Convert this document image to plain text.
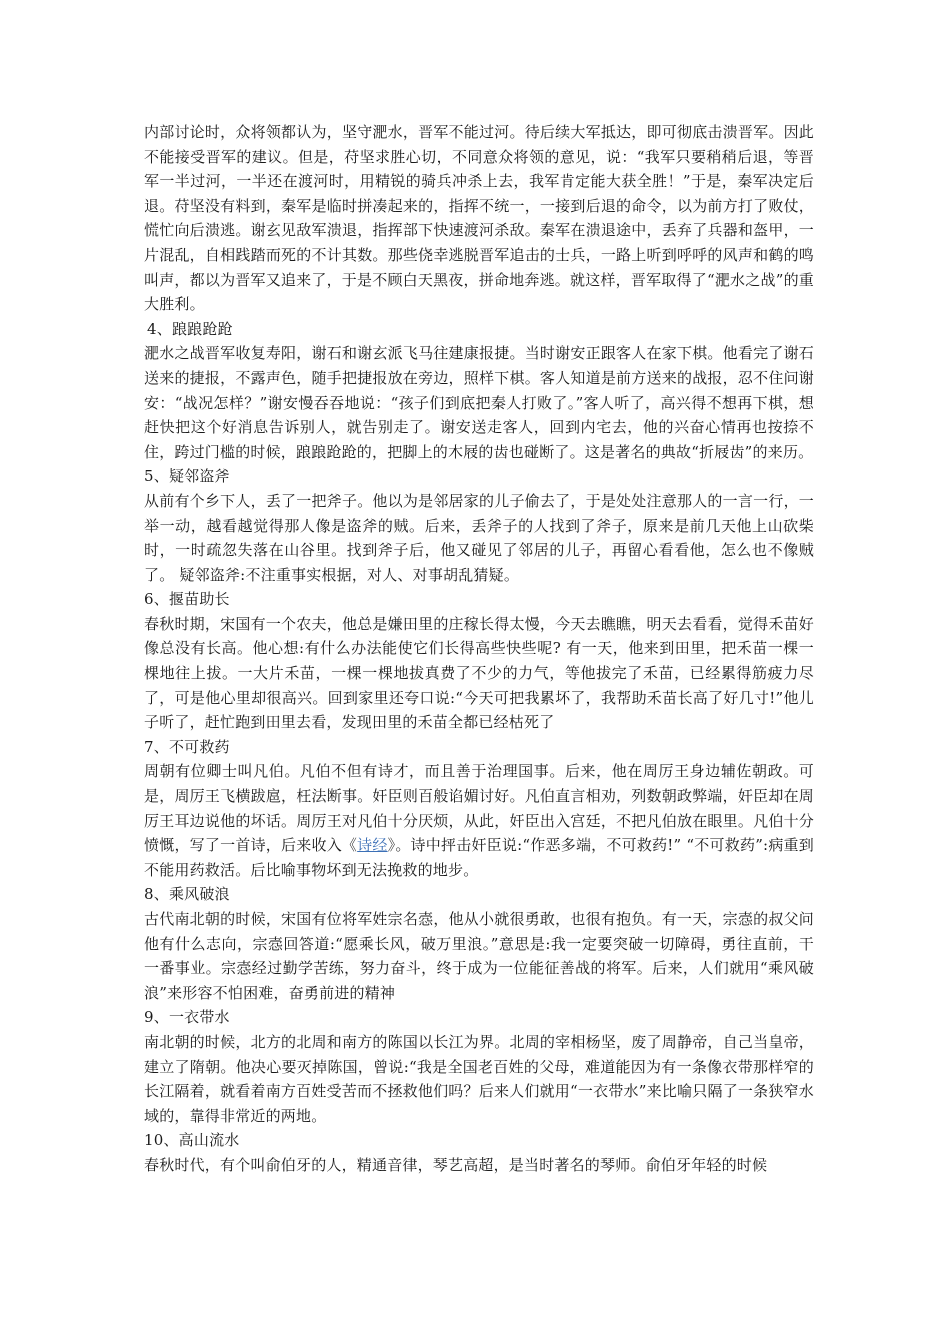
内部讨论时，众将领都认为，坚守淝水，晋军不能过河。待后续大军抵达，即可彻底击溃晋军。因此不能接受晋军的建议。但是，苻坚求胜心切，不同意众将领的意见，说：“我军只要稍稍后退，等晋军一半过河，一半还在渡河时，用精锐的骑兵冲杀上去，我军肯定能大获全胜！”于是，秦军决定后退。苻坚没有料到，秦军是临时拼凑起来的，指挥不统一，一接到后退的命令，以为前方打了败仗，慌忙向后溃逃。谢玄见敌军溃退，指挥部下快速渡河杀敌。秦军在溃退途中，丢弃了兵器和盔甲，一片混乱，自相践踏而死的不计其数。那些侥幸逃脱晋军追击的士兵，一路上听到呼呼的风声和鹤的鸣叫声，都以为晋军又追来了，于是不顾白天黑夜，拼命地奔逃。就这样，晋军取得了“淝水之战”的重大胜利。

4、踉踉跄跄

淝水之战晋军收复寿阳，谢石和谢玄派飞马往建康报捷。当时谢安正跟客人在家下棋。他看完了谢石送来的捷报，不露声色，随手把捷报放在旁边，照样下棋。客人知道是前方送来的战报，忍不住问谢安：“战况怎样？”谢安慢吞吞地说：“孩子们到底把秦人打败了。”客人听了，高兴得不想再下棋，想赶快把这个好消息告诉别人，就告别走了。谢安送走客人，回到内宅去，他的兴奋心情再也按捺不住，跨过门槛的时候，踉踉跄跄的，把脚上的木屐的齿也碰断了。这是著名的典故“折屐齿”的来历。

5、疑邻盗斧

从前有个乡下人，丢了一把斧子。他以为是邻居家的儿子偷去了，于是处处注意那人的一言一行，一举一动，越看越觉得那人像是盗斧的贼。后来，丢斧子的人找到了斧子，原来是前几天他上山砍柴时，一时疏忽失落在山谷里。找到斧子后，他又碰见了邻居的儿子，再留心看看他，怎么也不像贼了。 疑邻盗斧:不注重事实根据，对人、对事胡乱猜疑。

6、揠苗助长

春秋时期，宋国有一个农夫，他总是嫌田里的庄稼长得太慢，今天去瞧瞧，明天去看看，觉得禾苗好像总没有长高。他心想:有什么办法能使它们长得高些快些呢? 有一天，他来到田里，把禾苗一棵一棵地往上拔。一大片禾苗，一棵一棵地拔真费了不少的力气，等他拔完了禾苗，已经累得筋疲力尽了，可是他心里却很高兴。回到家里还夸口说:“今天可把我累坏了，我帮助禾苗长高了好几寸!”他儿子听了，赶忙跑到田里去看，发现田里的禾苗全都已经枯死了

7、不可救药

周朝有位卿士叫凡伯。凡伯不但有诗才，而且善于治理国事。后来，他在周厉王身边辅佐朝政。可是，周厉王飞横跋扈，枉法断事。奸臣则百般谄媚讨好。凡伯直言相劝，列数朝政弊端，奸臣却在周厉王耳边说他的坏话。周厉王对凡伯十分厌烦，从此，奸臣出入宫廷，不把凡伯放在眼里。凡伯十分愤慨，写了一首诗，后来收入《诗经》。诗中抨击奸臣说:“作恶多端，不可救药!” “不可救药”:病重到不能用药救活。后比喻事物坏到无法挽救的地步。

8、乘风破浪

古代南北朝的时候，宋国有位将军姓宗名悫，他从小就很勇敢，也很有抱负。有一天，宗悫的叔父问他有什么志向，宗悫回答道:“愿乘长风，破万里浪。”意思是:我一定要突破一切障碍，勇往直前，干一番事业。宗悫经过勤学苦练，努力奋斗，终于成为一位能征善战的将军。后来，人们就用“乘风破浪”来形容不怕困难，奋勇前进的精神

9、一衣带水

南北朝的时候，北方的北周和南方的陈国以长江为界。北周的宰相杨坚，废了周静帝，自己当皇帝，建立了隋朝。他决心要灭掉陈国，曾说:“我是全国老百姓的父母，难道能因为有一条像衣带那样窄的长江隔着，就看着南方百姓受苦而不拯救他们吗？后来人们就用“一衣带水”来比喻只隔了一条狭窄水域的，靠得非常近的两地。

10、高山流水

春秋时代，有个叫俞伯牙的人，精通音律，琴艺高超，是当时著名的琴师。俞伯牙年轻的时候
